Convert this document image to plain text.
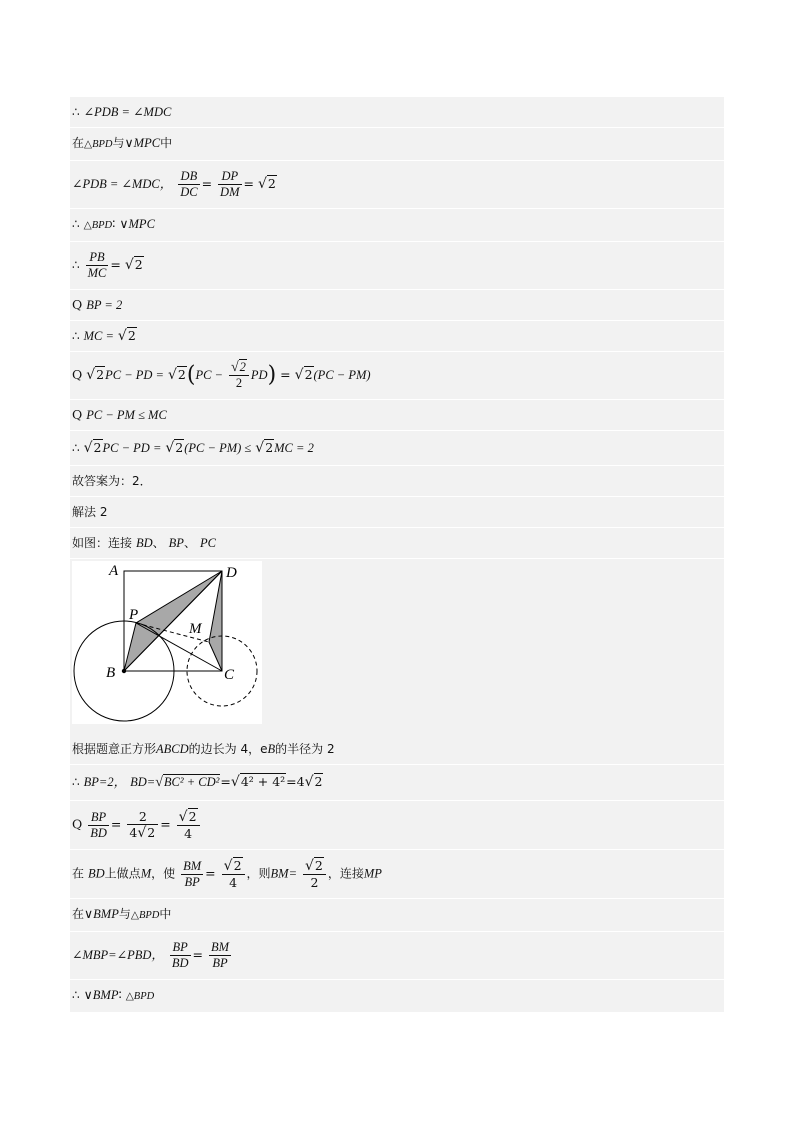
∴ ∠PDB = ∠MDC
在△BPD与∨MPC中
∠PDB = ∠MDC， $\frac{DB}{DC} = \frac{DP}{DM} = √2$
∴ △BPD∶ ∨MPC
∴ $\frac{PB}{MC} = √2$
Q BP = 2
∴ MC = √2
Q √2PC − PD = $√2(PC - \frac{√2}{2} PD) = √2(PC - PM)$
Q PC − PM ≤ MC
∴ √2PC − PD = √2(PC − PM) ≤ √2MC = 2
故答案为：2．
解法 2
如图：连接 BD、 BP、 PC
A	D
P
M
B	C
根据题意正方形ABCD的边长为 4，eB的半径为 2
∴ BP=2， BD=√BC² + CD²=√4² + 4²=4√2
Q $\frac{BP}{BD} = \frac{2}{4√2} = \frac{√2}{4}$
在 BD上做点M，使 $\frac{BM}{BP} = \frac{√2}{4}$ ，则$BM= \frac{√2}{2}$ ，连接MP
在∨BMP与△BPD中
∠MBP=∠PBD， $\frac{BP}{BD} = \frac{BM}{BP}$
∴ ∨BMP∶ △BPD
